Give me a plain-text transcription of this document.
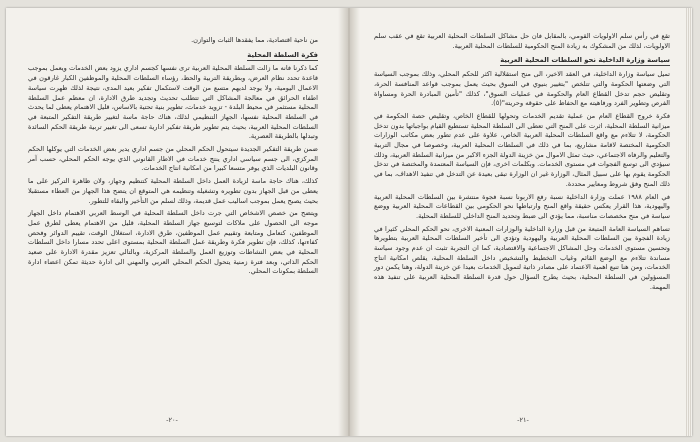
من ناحية اقتصادية، مما يفقدها الثبات والتوازن.

فكرة السلطة المحلية

كما ذكرنا فانه ما زالت السلطة المحلية العربية ترى نفسها كجسم اداري يزود بعض الخدمات ويعمل بموجب قاعدة تحدد نظام العرض، وبطريقة التربية والحظ، رؤساء السلطات المحلية والموظفين الكبار غارقون في الاعمال اليومية، ولا يوجد لديهم متسع من الوقت لاستكمال تفكير بعيد المدى، نتيجة لذلك ظهرت سياسة اطفاء الحرائق في معالجة المشاكل التي تتطلب تحديث وتجديد طرق الادارة، ان معظم عمل السلطة المحلية مستثمر في محيط البلدة - تزويد خدمات، تطوير بنية تحتية بالاساس، قليل الاهتمام يعطى لما يحدث في السلطة المحلية نفسها، الجهاز التنظيمي لذلك، هناك حاجة ماسة لتغيير طريقة التفكير المتبعة في السلطات المحلية العربية، بحيث يتم تطوير طريقة تفكير ادارية تسعى الى تغيير تربية طريقة الحكم السائدة وتبدلها بالطريقة العصرية.

ضمن طريقة التفكير الجديدة سيتحول الحكم المحلي من جسم اداري يدير بعض الخدمات التي يوكلها الحكم المركزي، الى جسم سياسي اداري ينتج خدمات في الاطار القانوني الذي يوجه الحكم المحلي، حسب آمر وقانون البلديات الذي يوفر متسعا كبيرا من امكانية انتاج الخدمات.

كذلك، هناك حاجة ماسة لزيادة العمل داخل السلطة المحلية كتنظيم وجهاز، ولان ظاهرة التركيز على ما يعطى من قبل الجهاز بدون تطويره وتشغيله وتنظيمه هي المتوقع ان يتضح هذا الجهاز من العطاء مستقبلا بحيث يصبح يعمل بموجب اساليب عمل قديمة، وذلك لسلم من التأخير والبقاء للتطور.

ويتضح من خصص الاشخاص التي جرت داخل السلطة المحلية في الوسط العربي الاهتمام داخل الجهاز موجه الى الحصول على ملاكات لتوسيع جهاز السلطة المحلية، قليل من الاهتمام يعطى لطرق عمل الموظفين، كتعامل ومتابعة وتقييم عمل الموظفين، طرق الادارة، استغلال الوقت، تقييم الدوائر وفحص كفاءتها، كذلك، فإن تطوير فكرة وطريقة عمل السلطة المحلية بمستوى اعلى تحدد مسارا داخل السلطات المحلية في بعض النشاطات وتوزيع العمل والسلطة المركزية، وبالتالي تعزيز مقدرة الادارة على صعيد الحكم الذاتي، وبعد فترة زمنية يتحول الحكم المحلي العربي والمهني الى ادارة حديثة تمكن اعضاء ادارة السلطة بمكونات المحلي.

-٢٠-

تقع في رأس سلم الاولويات القومي، بالمقابل فان حل مشاكل السلطات المحلية العربية تقع في عقب سلم الاولويات، لذلك من المشكوك به زيادة المنح الحكومية للسلطات المحلية العربية.

سياسة وزارة الداخلية نحو السلطات المحلية العربية

تميل سياسة وزارة الداخلية، في العقد الاخير، الى منح استقلالية اكثر للحكم المحلي، وذلك بموجب السياسة التي وضعتها الحكومة والتي تتلخص "بتغيير بنيوي في السوق بحيث يعمل بموجب قواعد المنافسة الحرة، وتقليص حجم تدخل القطاع العام والحكومة في عمليات السوق"، كذلك "تأمين المبادرة الحرة ومساواة الفرص وتطوير الفرد ورفاهيته مع الحفاظ على حقوقه وحريته"(٥).

فكرة خروج القطاع العام من عملية تقديم الخدمات وتحولها للقطاع الخاص، وتقليص حصة الحكومة في ميزانية السلطة المحلية، اثرت على المنح التي تعطى الى السلطة المحلية تستطيع القيام بواجباتها بدون تدخل الحكومة، لا تتلاءم مع واقع السلطات المحلية العربية الخاص، علاوة على عدم تطور بعض مكاتب الوزارات الحكومية المختصة لاقامة مشاريع، بما في ذلك في السلطات المحلية العربية، وخصوصا في مجال التربية والتعليم والرفاه الاجتماعي، حيث تمثل الاموال من خزينة الدولة الجزء الاكبر من ميزانية السلطة العربية، وذلك سيؤدي الى توسع الفجوات في مستوى الخدمات. وبكلمات اخرى، فإن السياسة المعتمدة والمختصة في تدخل الحكومة يقوم بها على سبيل المثال، الوزارة غير ان الوزارة تبقى بعيدة عن التدخل في تنفيذ الاهداف، بما في ذلك المنح وفق شروط ومعايير محددة.

في العام ١٩٨٨ عملت وزارة الداخلية نسبة رفع الاربونا نسبة فجوة منتشرة بين السلطات المحلية العربية واليهودية، هذا القرار يعكس حقيقة واقع المنح وارتباطها نحو الحكومي بين القطاعات المحلية العربية ووضع سياسة في منح مخصصات مناسبة، مما يؤدي الى ضبط وتحديد المنح الداخلي للسلطة المحلية.

تساهم السياسة العامة المتبعة من قبل وزارة الداخلية والوزارات المعنية الاخرى، نحو الحكم المحلي كثيرا في زيادة الفجوة بين السلطات المحلية العربية واليهودية وتؤدي الى تأخير السلطات المحلية العربية بتطويرها وتحسين مستوى الخدمات وحل المشاكل الاجتماعية والاقتصادية، كما ان التجربة تثبت ان عدم وجود سياسة مساندة تتلاءم مع الوضع القائم وغياب التخطيط والتشخيص داخل السلطة المحلية، يقلص امكانية انتاج الخدمات، ومن هنا تنبع اهمية الاعتماد على مصادر ذاتية لتمويل الخدمات بعيدا عن خزينة الدولة، وهنا يكمن دور المسؤولين في السلطة المحلية، بحيث يطرح السؤال حول قدرة السلطة المحلية العربية على تنفيذ هذه المهمة.

-٢١-
